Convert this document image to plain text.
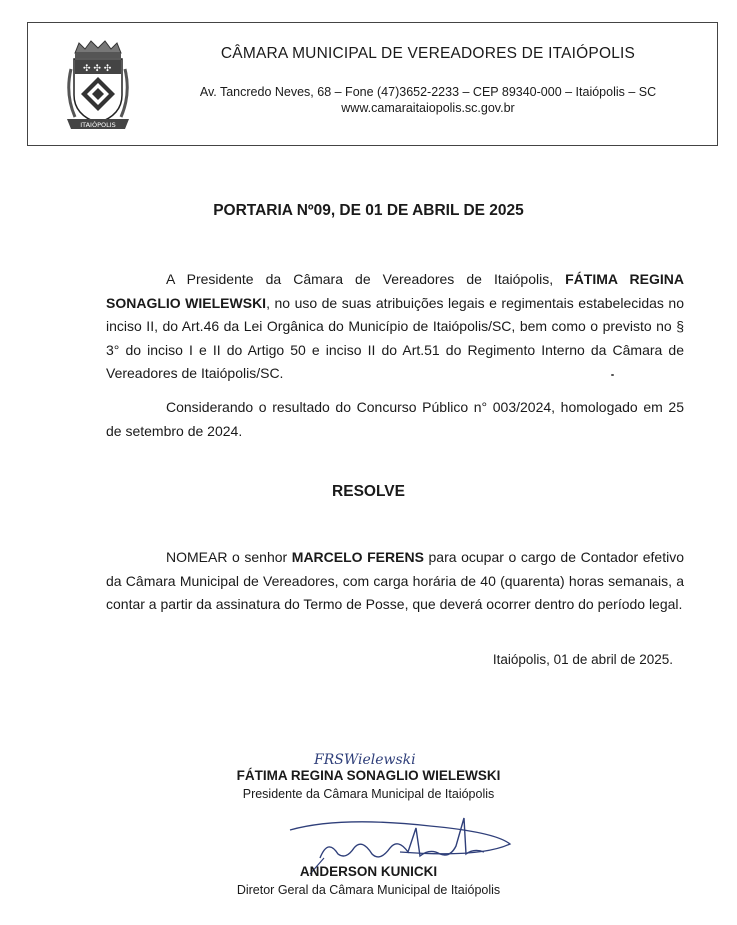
✣ ✣ ✣
ITAIÓPOLIS
CÂMARA MUNICIPAL DE VEREADORES DE ITAIÓPOLIS
Av. Tancredo Neves, 68 – Fone (47)3652-2233 – CEP 89340-000 – Itaiópolis – SC
www.camaraitaiopolis.sc.gov.br
PORTARIA Nº09, DE 01 DE ABRIL DE 2025

A Presidente da Câmara de Vereadores de Itaiópolis, FÁTIMA REGINA SONAGLIO WIELEWSKI, no uso de suas atribuições legais e regimentais estabelecidas no inciso II, do Art.46 da Lei Orgânica do Município de Itaiópolis/SC, bem como o previsto no § 3° do inciso I e II do Artigo 50 e inciso II do Art.51 do Regimento Interno da Câmara de Vereadores de Itaiópolis/SC.

Considerando o resultado do Concurso Público n° 003/2024, homologado em 25 de setembro de 2024.

RESOLVE

NOMEAR o senhor MARCELO FERENS para ocupar o cargo de Contador efetivo da Câmara Municipal de Vereadores, com carga horária de 40 (quarenta) horas semanais, a contar a partir da assinatura do Termo de Posse, que deverá ocorrer dentro do período legal.

Itaiópolis, 01 de abril de 2025.
FRSWielewski
FÁTIMA REGINA SONAGLIO WIELEWSKI
Presidente da Câmara Municipal de Itaiópolis
ANDERSON KUNICKI
Diretor Geral da Câmara Municipal de Itaiópolis
